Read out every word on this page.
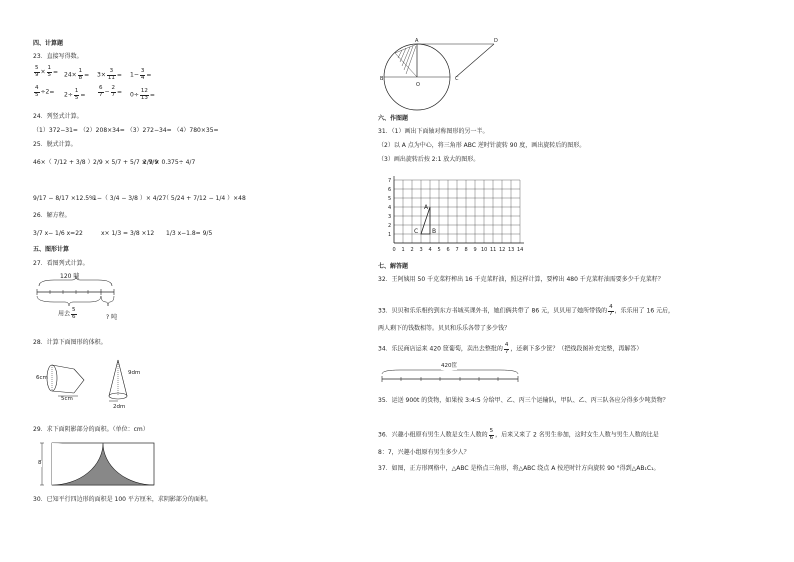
四、计算题
23．直接写得数。
$\frac{5}{9} \times \frac{1}{5} = 24\times \frac{1}{8} = 3\times \frac{3}{11} = 1- \frac{3}{4}$ =
$\frac{4}{5} \div 2= 2\div \frac{1}{5} = \frac{6}{7} - \frac{2}{7} = 0\div \frac{12}{13}$ =
24．列竖式计算。
（1）372−31= （2）208×34= （3）272−34= （4）780×35=
25．脱式计算。
46×（ 7/12 + 3/8 ） 2/9 × 5/7 + 5/7 × 7/9
2/9 × 0.375÷ 4/7
9/17 − 8/17 ×12.5%
1−（ 3/4 − 3/8 ）× 4/27
（ 5/24 + 7/12 − 1/4 ）×48
26．解方程。
3/7 x− 1/6 x=22	x× 1/3 = 3/8 ×12 1/3 x−1.8= 9/5
五、图形计算
27．看图列式计算。
120 吨
用去 $\frac{5}{6}$	? 吨
28．计算下面图形的体积。
6cm
5cm
9dm
2dm
29．求下面阴影部分的面积。（单位：cm）
8
30．已知平行四边形的面积是 100 平方厘米，求阴影部分的面积。
A
B
O
C
D
六、作图题
31．（1）画出下面轴对称图形的另一半。
（2）以 A 点为中心，将三角形 ABC 逆时针旋转 90 度，画出旋转后的图形。
（3）画出旋转后按 2:1 放大的图形。
1
2
3
4
5
6
7
0 1 2 3 4 5 6 7 8 9 10 11 12 13 14
A
C B
七、解答题
32．王阿姨用 50 千克菜籽榨出 16 千克菜籽油，照这样计算，要榨出 480 千克菜籽油需要多少千克菜籽？
33．贝贝和乐乐相约到东方书城买课外书，她们俩共带了 86 元，贝贝用了她所带钱的 $\frac{4}{7}$ ，乐乐用了 16 元后，
两人剩下的钱数相等。贝贝和乐乐各带了多少钱？
34．乐民商店运来 420 筐葡萄，卖出去整批的 $\frac{4}{7}$ ，还剩下多少筐？（把线段图补充完整，再解答）
420筐
35．运送 900t 的货物，如果按 3:4:5 分给甲、乙、丙三个运输队，甲队、乙、丙三队各应分得多少吨货物？
36．兴趣小组原有男生人数是女生人数的 $\frac{5}{6}$ ，后来又来了 2 名男生参加，这时女生人数与男生人数的比是
8：7，兴趣小组原有男生多少人？
37．如图，正方形网格中，△ABC 是格点三角形，将△ABC 绕点 A 按逆时针方向旋转 90 °得到△AB₁C₁。
